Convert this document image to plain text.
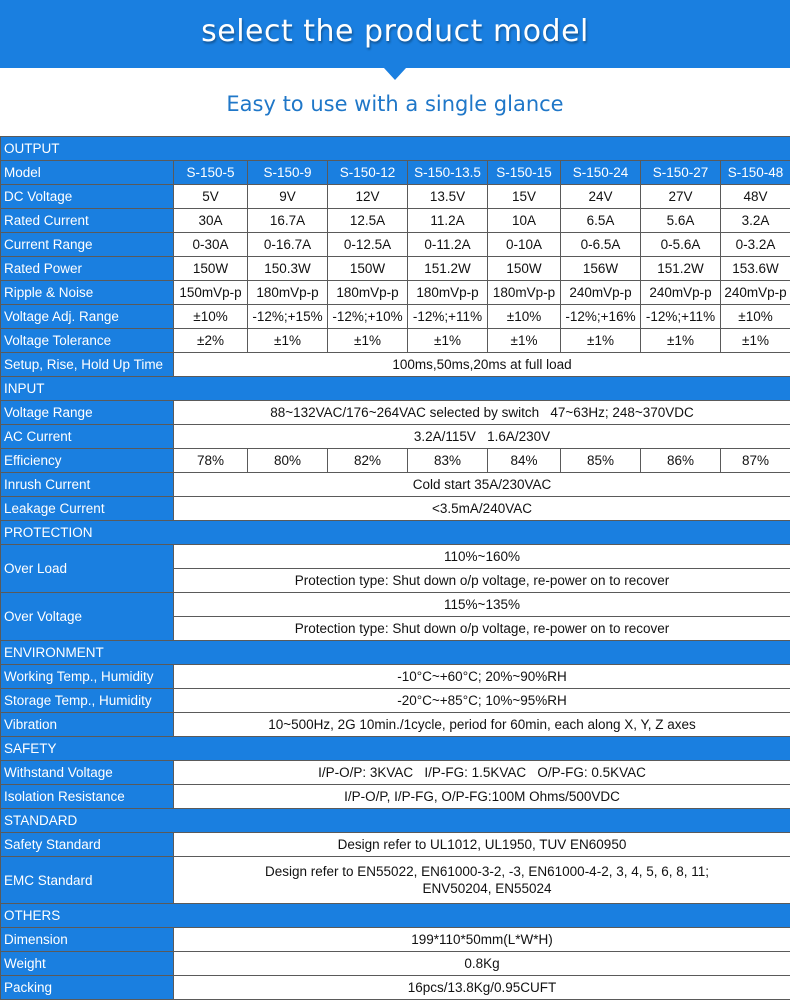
select the product model
Easy to use with a single glance
OUTPUT								
Model	S-150-5	S-150-9	S-150-12	S-150-13.5	S-150-15	S-150-24	S-150-27	S-150-48
DC Voltage	5V	9V	12V	13.5V	15V	24V	27V	48V
Rated Current	30A	16.7A	12.5A	11.2A	10A	6.5A	5.6A	3.2A
Current Range	0-30A	0-16.7A	0-12.5A	0-11.2A	0-10A	0-6.5A	0-5.6A	0-3.2A
Rated Power	150W	150.3W	150W	151.2W	150W	156W	151.2W	153.6W
Ripple & Noise	150mVp-p	180mVp-p	180mVp-p	180mVp-p	180mVp-p	240mVp-p	240mVp-p	240mVp-p
Voltage Adj. Range	±10%	-12%;+15%	-12%;+10%	-12%;+11%	±10%	-12%;+16%	-12%;+11%	±10%
Voltage Tolerance	±2%	±1%	±1%	±1%	±1%	±1%	±1%	±1%
Setup, Rise, Hold Up Time	100ms,50ms,20ms at full load							
INPUT								
Voltage Range	88~132VAC/176~264VAC selected by switch   47~63Hz; 248~370VDC							
AC Current	3.2A/115V   1.6A/230V							
Efficiency	78%	80%	82%	83%	84%	85%	86%	87%
Inrush Current	Cold start 35A/230VAC							
Leakage Current	<3.5mA/240VAC							
PROTECTION								
Over Load	110%~160%							
	Protection type: Shut down o/p voltage, re-power on to recover							
Over Voltage	115%~135%							
	Protection type: Shut down o/p voltage, re-power on to recover							
ENVIRONMENT								
Working Temp., Humidity	-10°C~+60°C; 20%~90%RH							
Storage Temp., Humidity	-20°C~+85°C; 10%~95%RH							
Vibration	10~500Hz, 2G 10min./1cycle, period for 60min, each along X, Y, Z axes							
SAFETY								
Withstand Voltage	I/P-O/P: 3KVAC   I/P-FG: 1.5KVAC   O/P-FG: 0.5KVAC							
Isolation Resistance	I/P-O/P, I/P-FG, O/P-FG:100M Ohms/500VDC							
STANDARD								
Safety Standard	Design refer to UL1012, UL1950, TUV EN60950							
EMC Standard	Design refer to EN55022, EN61000-3-2, -3, EN61000-4-2, 3, 4, 5, 6, 8, 11; ENV50204, EN55024							
OTHERS								
Dimension	199*110*50mm(L*W*H)							
Weight	0.8Kg							
Packing	16pcs/13.8Kg/0.95CUFT							
